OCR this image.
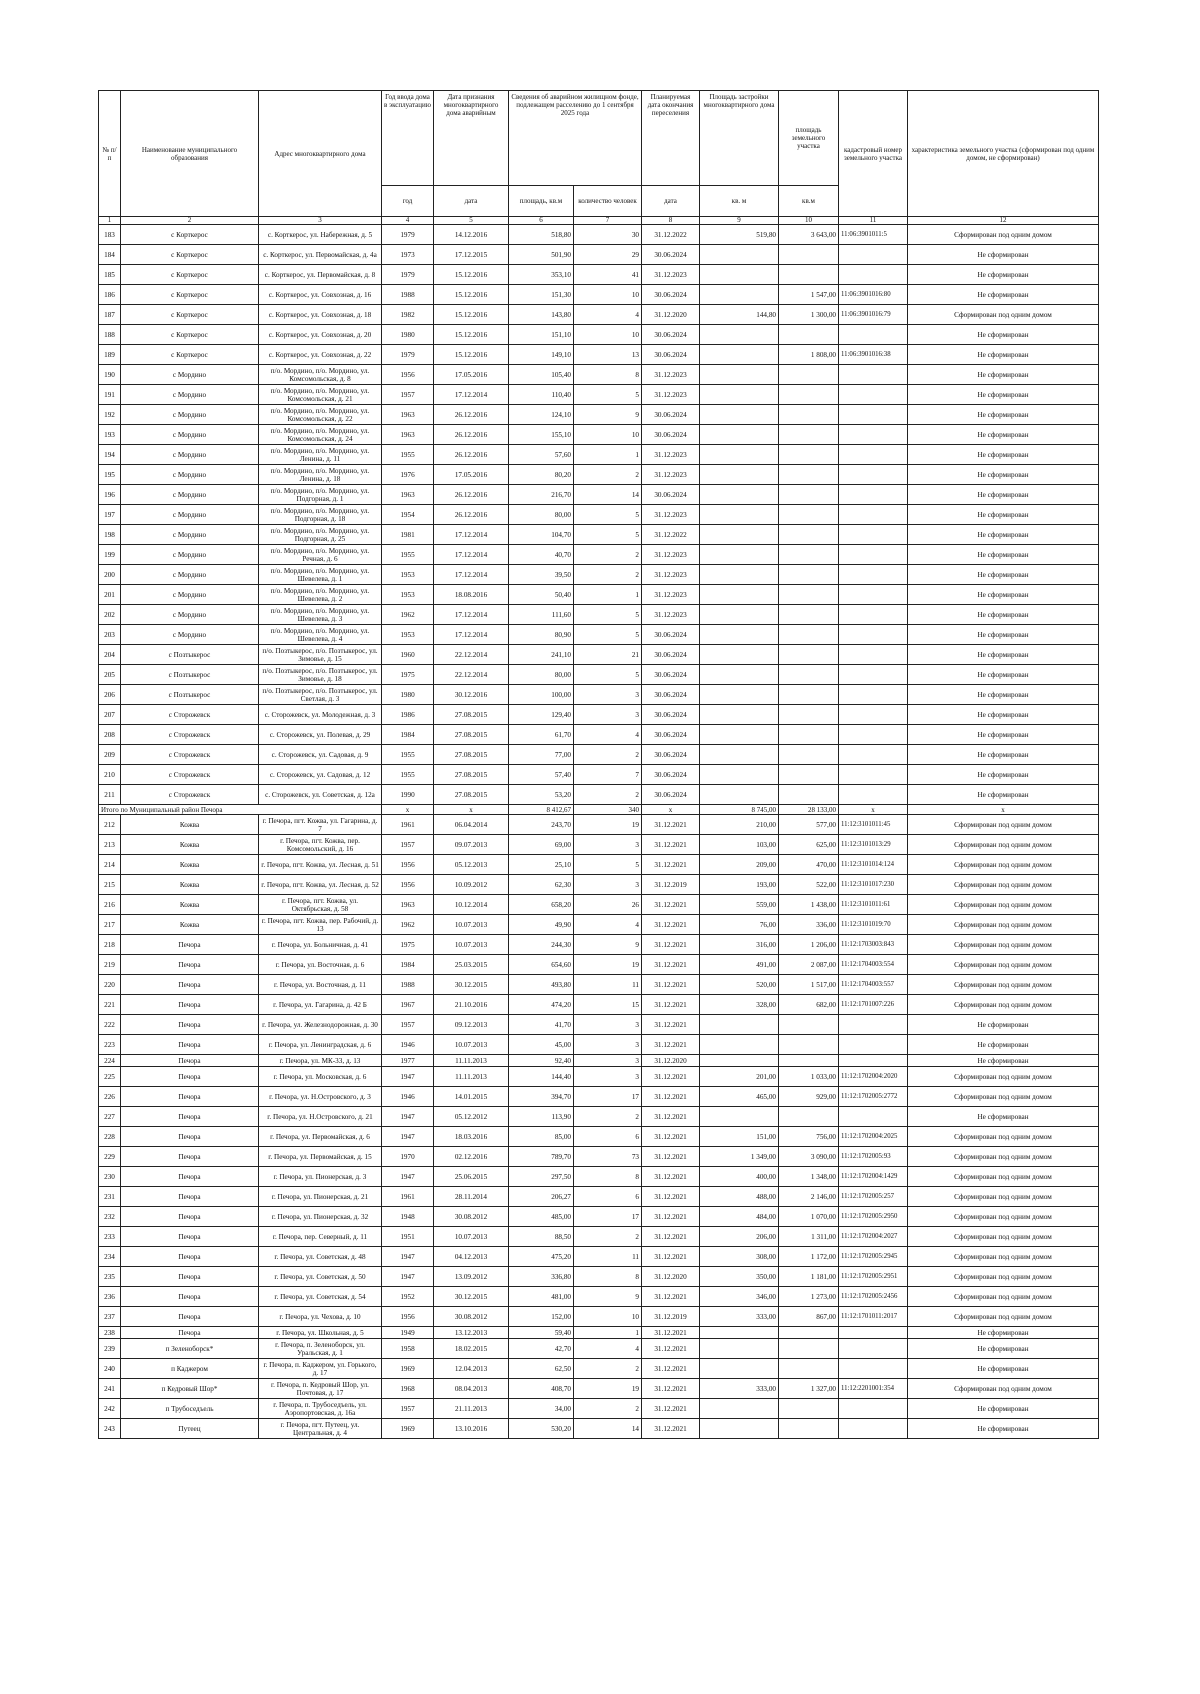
№ п/п	Наименование муниципального образования	Адрес многоквартирного дома	Год ввода дома в эксплуатацию	Дата признания многоквартирного дома аварийным	Сведения об аварийном жилищном фонде, подлежащем расселению до 1 сентября 2025 года		Планируемая дата окончания переселения	Площадь застройки многоквартирного дома	площадь земельного участка	кадастровый номер земельного участка	характеристика земельного участка (сформирован под одним домом, не сформирован)
			год	дата	площадь, кв.м	количество человек	дата	кв. м	кв.м		
1	2	3	4	5	6	7	8	9	10	11	12
183	с Корткерос	с. Корткерос, ул. Набережная, д. 5	1979	14.12.2016	518,80	30	31.12.2022	519,80	3 643,00	11:06:3901011:5	Сформирован под одним домом
184	с Корткерос	с. Корткерос, ул. Первомайская, д. 4а	1973	17.12.2015	501,90	29	30.06.2024				Не сформирован
185	с Корткерос	с. Корткерос, ул. Первомайская, д. 8	1979	15.12.2016	353,10	41	31.12.2023				Не сформирован
186	с Корткерос	с. Корткерос, ул. Совхозная, д. 16	1988	15.12.2016	151,30	10	30.06.2024		1 547,00	11:06:3901016:80	Не сформирован
187	с Корткерос	с. Корткерос, ул. Совхозная, д. 18	1982	15.12.2016	143,80	4	31.12.2020	144,80	1 300,00	11:06:3901016:79	Сформирован под одним домом
188	с Корткерос	с. Корткерос, ул. Совхозная, д. 20	1980	15.12.2016	151,10	10	30.06.2024				Не сформирован
189	с Корткерос	с. Корткерос, ул. Совхозная, д. 22	1979	15.12.2016	149,10	13	30.06.2024		1 808,00	11:06:3901016:38	Не сформирован
190	с Мордино	п/о. Мордино, п/о. Мордино, ул. Комсомольская, д. 8	1956	17.05.2016	105,40	8	31.12.2023				Не сформирован
191	с Мордино	п/о. Мордино, п/о. Мордино, ул. Комсомольская, д. 21	1957	17.12.2014	110,40	5	31.12.2023				Не сформирован
192	с Мордино	п/о. Мордино, п/о. Мордино, ул. Комсомольская, д. 22	1963	26.12.2016	124,10	9	30.06.2024				Не сформирован
193	с Мордино	п/о. Мордино, п/о. Мордино, ул. Комсомольская, д. 24	1963	26.12.2016	155,10	10	30.06.2024				Не сформирован
194	с Мордино	п/о. Мордино, п/о. Мордино, ул. Ленина, д. 11	1955	26.12.2016	57,60	1	31.12.2023				Не сформирован
195	с Мордино	п/о. Мордино, п/о. Мордино, ул. Ленина, д. 18	1976	17.05.2016	80,20	2	31.12.2023				Не сформирован
196	с Мордино	п/о. Мордино, п/о. Мордино, ул. Подгорная, д. 1	1963	26.12.2016	216,70	14	30.06.2024				Не сформирован
197	с Мордино	п/о. Мордино, п/о. Мордино, ул. Подгорная, д. 18	1954	26.12.2016	80,00	5	31.12.2023				Не сформирован
198	с Мордино	п/о. Мордино, п/о. Мордино, ул. Подгорная, д. 25	1981	17.12.2014	104,70	5	31.12.2022				Не сформирован
199	с Мордино	п/о. Мордино, п/о. Мордино, ул. Речная, д. 6	1955	17.12.2014	40,70	2	31.12.2023				Не сформирован
200	с Мордино	п/о. Мордино, п/о. Мордино, ул. Шевелева, д. 1	1953	17.12.2014	39,50	2	31.12.2023				Не сформирован
201	с Мордино	п/о. Мордино, п/о. Мордино, ул. Шевелева, д. 2	1953	18.08.2016	50,40	1	31.12.2023				Не сформирован
202	с Мордино	п/о. Мордино, п/о. Мордино, ул. Шевелева, д. 3	1962	17.12.2014	111,60	5	31.12.2023				Не сформирован
203	с Мордино	п/о. Мордино, п/о. Мордино, ул. Шевелева, д. 4	1953	17.12.2014	80,90	5	30.06.2024				Не сформирован
204	с Позтыкерос	п/о. Позтыкерос, п/о. Позтыкерос, ул. Зимовье, д. 15	1960	22.12.2014	241,10	21	30.06.2024				Не сформирован
205	с Позтыкерос	п/о. Позтыкерос, п/о. Позтыкерос, ул. Зимовье, д. 18	1975	22.12.2014	80,00	5	30.06.2024				Не сформирован
206	с Позтыкерос	п/о. Позтыкерос, п/о. Позтыкерос, ул. Светлая, д. 3	1980	30.12.2016	100,00	3	30.06.2024				Не сформирован
207	с Сторожевск	с. Сторожевск, ул. Молодежная, д. 3	1986	27.08.2015	129,40	3	30.06.2024				Не сформирован
208	с Сторожевск	с. Сторожевск, ул. Полевая, д. 29	1984	27.08.2015	61,70	4	30.06.2024				Не сформирован
209	с Сторожевск	с. Сторожевск, ул. Садовая, д. 9	1955	27.08.2015	77,00	2	30.06.2024				Не сформирован
210	с Сторожевск	с. Сторожевск, ул. Садовая, д. 12	1955	27.08.2015	57,40	7	30.06.2024				Не сформирован
211	с Сторожевск	с. Сторожевск, ул. Советская, д. 12а	1990	27.08.2015	53,20	2	30.06.2024				Не сформирован
Итого по Муниципальный район Печора			x	x	8 412,67	340	x	8 745,00	28 133,00	x	x
212	Кожва	г. Печора, пгт. Кожва, ул. Гагарина, д. 7	1961	06.04.2014	243,70	19	31.12.2021	210,00	577,00	11:12:3101011:45	Сформирован под одним домом
213	Кожва	г. Печора, пгт. Кожва, пер. Комсомольский, д. 16	1957	09.07.2013	69,00	3	31.12.2021	103,00	625,00	11:12:3101013:29	Сформирован под одним домом
214	Кожва	г. Печора, пгт. Кожва, ул. Лесная, д. 51	1956	05.12.2013	25,10	5	31.12.2021	209,00	470,00	11:12:3101014:124	Сформирован под одним домом
215	Кожва	г. Печора, пгт. Кожва, ул. Лесная, д. 52	1956	10.09.2012	62,30	3	31.12.2019	193,00	522,00	11:12:3101017:230	Сформирован под одним домом
216	Кожва	г. Печора, пгт. Кожва, ул. Октябрьская, д. 58	1963	10.12.2014	658,20	26	31.12.2021	559,00	1 438,00	11:12:3101011:61	Сформирован под одним домом
217	Кожва	г. Печора, пгт. Кожва, пер. Рабочий, д. 13	1962	10.07.2013	49,90	4	31.12.2021	76,00	336,00	11:12:3101019:70	Сформирован под одним домом
218	Печора	г. Печора, ул. Больничная, д. 41	1975	10.07.2013	244,30	9	31.12.2021	316,00	1 206,00	11:12:1703003:843	Сформирован под одним домом
219	Печора	г. Печора, ул. Восточная, д. 6	1984	25.03.2015	654,60	19	31.12.2021	491,00	2 087,00	11:12:1704003:554	Сформирован под одним домом
220	Печора	г. Печора, ул. Восточная, д. 11	1988	30.12.2015	493,80	11	31.12.2021	520,00	1 517,00	11:12:1704003:557	Сформирован под одним домом
221	Печора	г. Печора, ул. Гагарина, д. 42 Б	1967	21.10.2016	474,20	15	31.12.2021	328,00	682,00	11:12:1701007:226	Сформирован под одним домом
222	Печора	г. Печора, ул. Железнодорожная, д. 30	1957	09.12.2013	41,70	3	31.12.2021				Не сформирован
223	Печора	г. Печора, ул. Ленинградская, д. 6	1946	10.07.2013	45,00	3	31.12.2021				Не сформирован
224	Печора	г. Печора, ул. МК-33, д. 13	1977	11.11.2013	92,40	3	31.12.2020				Не сформирован
225	Печора	г. Печора, ул. Московская, д. 6	1947	11.11.2013	144,40	3	31.12.2021	201,00	1 033,00	11:12:1702004:2020	Сформирован под одним домом
226	Печора	г. Печора, ул. Н.Островского, д. 3	1946	14.01.2015	394,70	17	31.12.2021	465,00	929,00	11:12:1702005:2772	Сформирован под одним домом
227	Печора	г. Печора, ул. Н.Островского, д. 21	1947	05.12.2012	113,90	2	31.12.2021				Не сформирован
228	Печора	г. Печора, ул. Первомайская, д. 6	1947	18.03.2016	85,00	6	31.12.2021	151,00	756,00	11:12:1702004:2025	Сформирован под одним домом
229	Печора	г. Печора, ул. Первомайская, д. 15	1970	02.12.2016	789,70	73	31.12.2021	1 349,00	3 090,00	11:12:1702005:93	Сформирован под одним домом
230	Печора	г. Печора, ул. Пионерская, д. 3	1947	25.06.2015	297,50	8	31.12.2021	400,00	1 348,00	11:12:1702004:1429	Сформирован под одним домом
231	Печора	г. Печора, ул. Пионерская, д. 21	1961	28.11.2014	206,27	6	31.12.2021	488,00	2 146,00	11:12:1702005:257	Сформирован под одним домом
232	Печора	г. Печора, ул. Пионерская, д. 32	1948	30.08.2012	485,00	17	31.12.2021	484,00	1 070,00	11:12:1702005:2950	Сформирован под одним домом
233	Печора	г. Печора, пер. Северный, д. 11	1951	10.07.2013	88,50	2	31.12.2021	206,00	1 311,00	11:12:1702004:2027	Сформирован под одним домом
234	Печора	г. Печора, ул. Советская, д. 48	1947	04.12.2013	475,20	11	31.12.2021	308,00	1 172,00	11:12:1702005:2945	Сформирован под одним домом
235	Печора	г. Печора, ул. Советская, д. 50	1947	13.09.2012	336,80	8	31.12.2020	350,00	1 181,00	11:12:1702005:2951	Сформирован под одним домом
236	Печора	г. Печора, ул. Советская, д. 54	1952	30.12.2015	481,00	9	31.12.2021	346,00	1 273,00	11:12:1702005:2456	Сформирован под одним домом
237	Печора	г. Печора, ул. Чехова, д. 10	1956	30.08.2012	152,00	10	31.12.2019	333,00	867,00	11:12:1701011:2017	Сформирован под одним домом
238	Печора	г. Печора, ул. Школьная, д. 5	1949	13.12.2013	59,40	1	31.12.2021				Не сформирован
239	п Зеленоборск*	г. Печора, п. Зеленоборск, ул. Уральская, д. 1	1958	18.02.2015	42,70	4	31.12.2021				Не сформирован
240	п Каджером	г. Печора, п. Каджером, ул. Горького, д. 17	1969	12.04.2013	62,50	2	31.12.2021				Не сформирован
241	п Кедровый Шор*	г. Печора, п. Кедровый Шор, ул. Почтовая, д. 17	1968	08.04.2013	408,70	19	31.12.2021	333,00	1 327,00	11:12:2201001:354	Сформирован под одним домом
242	п Трубоседъель	г. Печора, п. Трубоседъель, ул. Аэропортовская, д. 16а	1957	21.11.2013	34,00	2	31.12.2021				Не сформирован
243	Путеец	г. Печора, пгт. Путеец, ул. Центральная, д. 4	1969	13.10.2016	530,20	14	31.12.2021				Не сформирован
